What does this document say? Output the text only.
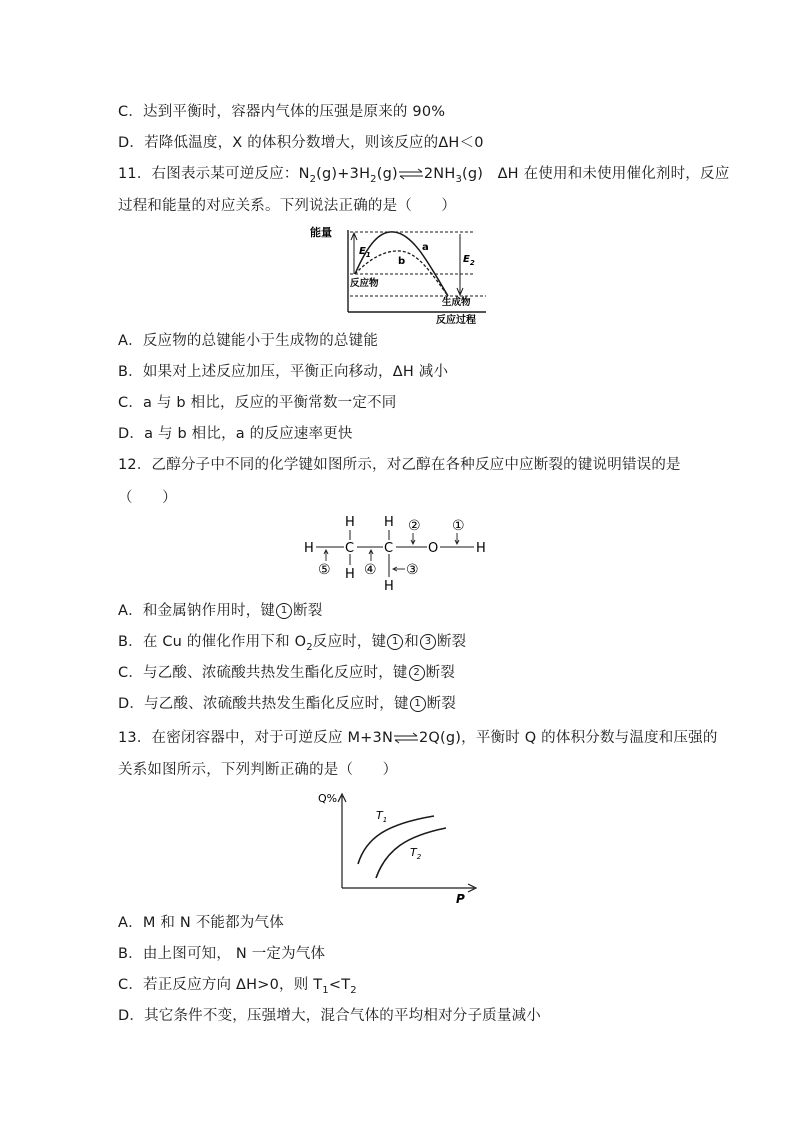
C．达到平衡时，容器内气体的压强是原来的 90%
D．若降低温度，X 的体积分数增大，则该反应的ΔH＜0
11．右图表示某可逆反应：$N_2(g)+3H_2(g)\rightleftharpoons 2NH_3(g)$ ΔH 在使用和未使用催化剂时，反应
过程和能量的对应关系。下列说法正确的是（　　）
能量
反应过程
$E_1$	$E_2$
a
b
反应物
生成物
A．反应物的总键能小于生成物的总键能
B．如果对上述反应加压，平衡正向移动，ΔH 减小
C．a 与 b 相比，反应的平衡常数一定不同
D．a 与 b 相比，a 的反应速率更快
12．乙醇分子中不同的化学键如图所示，对乙醇在各种反应中应断裂的键说明错误的是
（　　）
H C
H
H
C
H
H
O	H
② ①
⑤ ④ ③
A．和金属钠作用时，键 1 断裂
B．在 Cu 的催化作用下和 $O_2$反应时，键 1 和 3 断裂
C．与乙酸、浓硫酸共热发生酯化反应时，键 2 断裂
D．与乙酸、浓硫酸共热发生酯化反应时，键 1 断裂
13．在密闭容器中，对于可逆反应 M+3N⇌2Q(g)，平衡时 Q 的体积分数与温度和压强的
关系如图所示，下列判断正确的是（　　）
Q%
P
$T_1$
$T_2$
A．M 和 N 不能都为气体
B．由上图可知， N 一定为气体
C．若正反应方向 ΔH>0，则 $T_1<T_2$
D．其它条件不变，压强增大，混合气体的平均相对分子质量减小
